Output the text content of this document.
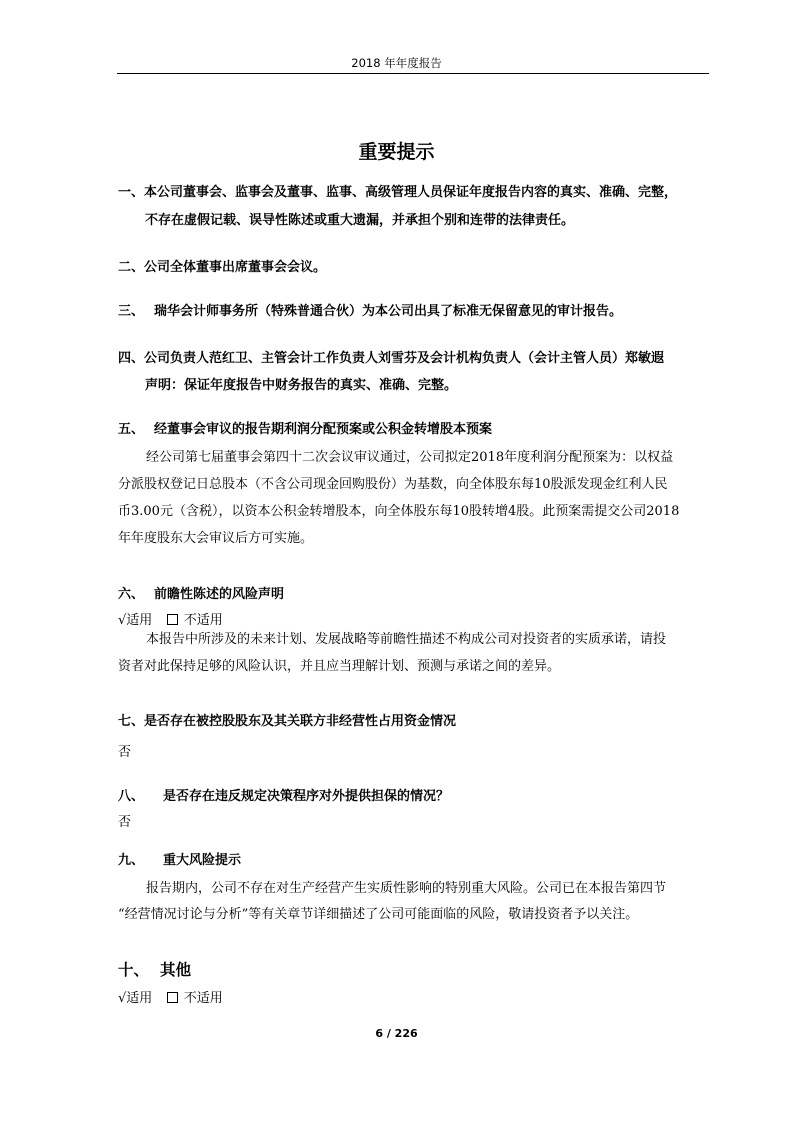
2018 年年度报告
重要提示
一、本公司董事会、监事会及董事、监事、高级管理人员保证年度报告内容的真实、准确、完整，
不存在虚假记载、误导性陈述或重大遗漏，并承担个别和连带的法律责任。
二、公司全体董事出席董事会会议。
三、 瑞华会计师事务所（特殊普通合伙）为本公司出具了标准无保留意见的审计报告。
四、公司负责人范红卫、主管会计工作负责人刘雪芬及会计机构负责人（会计主管人员）郑敏遐
声明：保证年度报告中财务报告的真实、准确、完整。
五、 经董事会审议的报告期利润分配预案或公积金转增股本预案
经公司第七届董事会第四十二次会议审议通过，公司拟定2018年度利润分配预案为：以权益
分派股权登记日总股本（不含公司现金回购股份）为基数，向全体股东每10股派发现金红利人民
币3.00元（含税），以资本公积金转增股本，向全体股东每10股转增4股。此预案需提交公司2018
年年度股东大会审议后方可实施。
六、 前瞻性陈述的风险声明
√适用 不适用
本报告中所涉及的未来计划、发展战略等前瞻性描述不构成公司对投资者的实质承诺，请投
资者对此保持足够的风险认识，并且应当理解计划、预测与承诺之间的差异。
七、是否存在被控股股东及其关联方非经营性占用资金情况
否
八、 是否存在违反规定决策程序对外提供担保的情况？
否
九、 重大风险提示
报告期内，公司不存在对生产经营产生实质性影响的特别重大风险。公司已在本报告第四节
“经营情况讨论与分析”等有关章节详细描述了公司可能面临的风险，敬请投资者予以关注。
十、 其他
√适用 不适用
6 / 226
